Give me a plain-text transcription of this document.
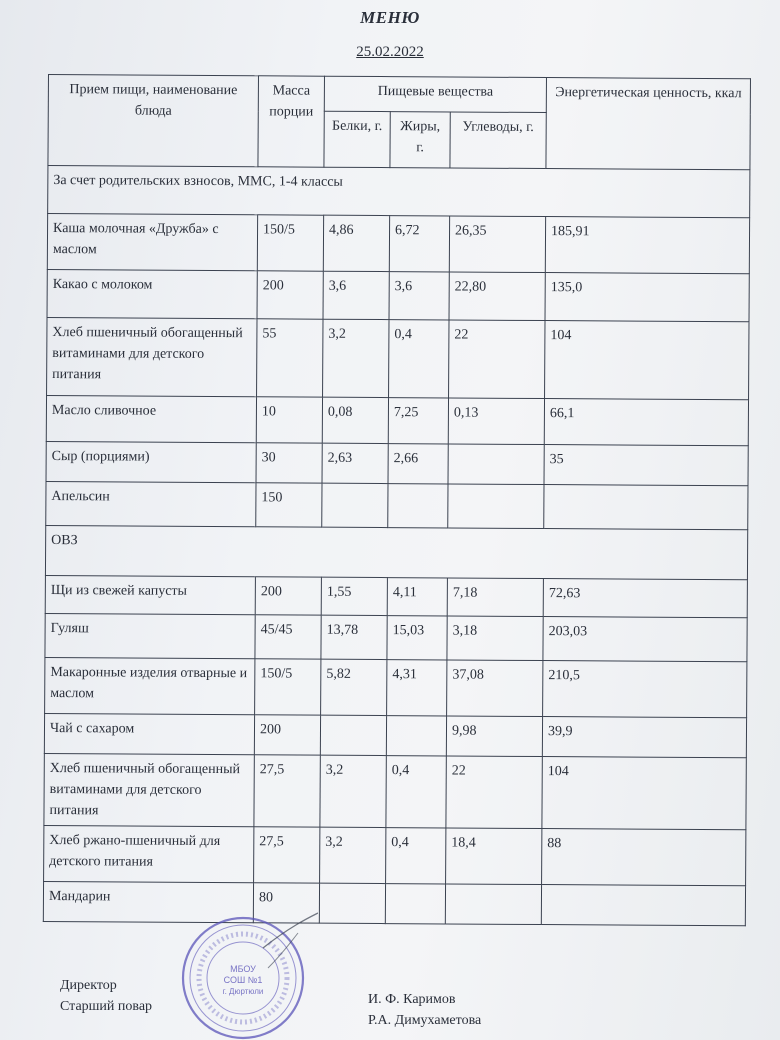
МЕНЮ
25.02.2022
Прием пищи, наименование блюда	Масса порции	Пищевые вещества			Энергетическая ценность, ккал
		Белки, г.	Жиры, г.	Углеводы, г.	
За счет родительских взносов, ММС, 1-4 классы					
Каша молочная «Дружба» с маслом	150/5	4,86	6,72	26,35	185,91
Какао с молоком	200	3,6	3,6	22,80	135,0
Хлеб пшеничный обогащенный витаминами для детского питания	55	3,2	0,4	22	104
Масло сливочное	10	0,08	7,25	0,13	66,1
Сыр (порциями)	30	2,63	2,66		35
Апельсин	150				
ОВЗ					
Щи из свежей капусты	200	1,55	4,11	7,18	72,63
Гуляш	45/45	13,78	15,03	3,18	203,03
Макаронные изделия отварные и маслом	150/5	5,82	4,31	37,08	210,5
Чай с сахаром	200			9,98	39,9
Хлеб пшеничный обогащенный витаминами для детского питания	27,5	3,2	0,4	22	104
Хлеб ржано-пшеничный для детского питания	27,5	3,2	0,4	18,4	88
Мандарин	80				
Директор
Старший повар	И. Ф. Каримов
Р.А. Димухаметова
МБОУ
СОШ №1
г. Дюртюли
